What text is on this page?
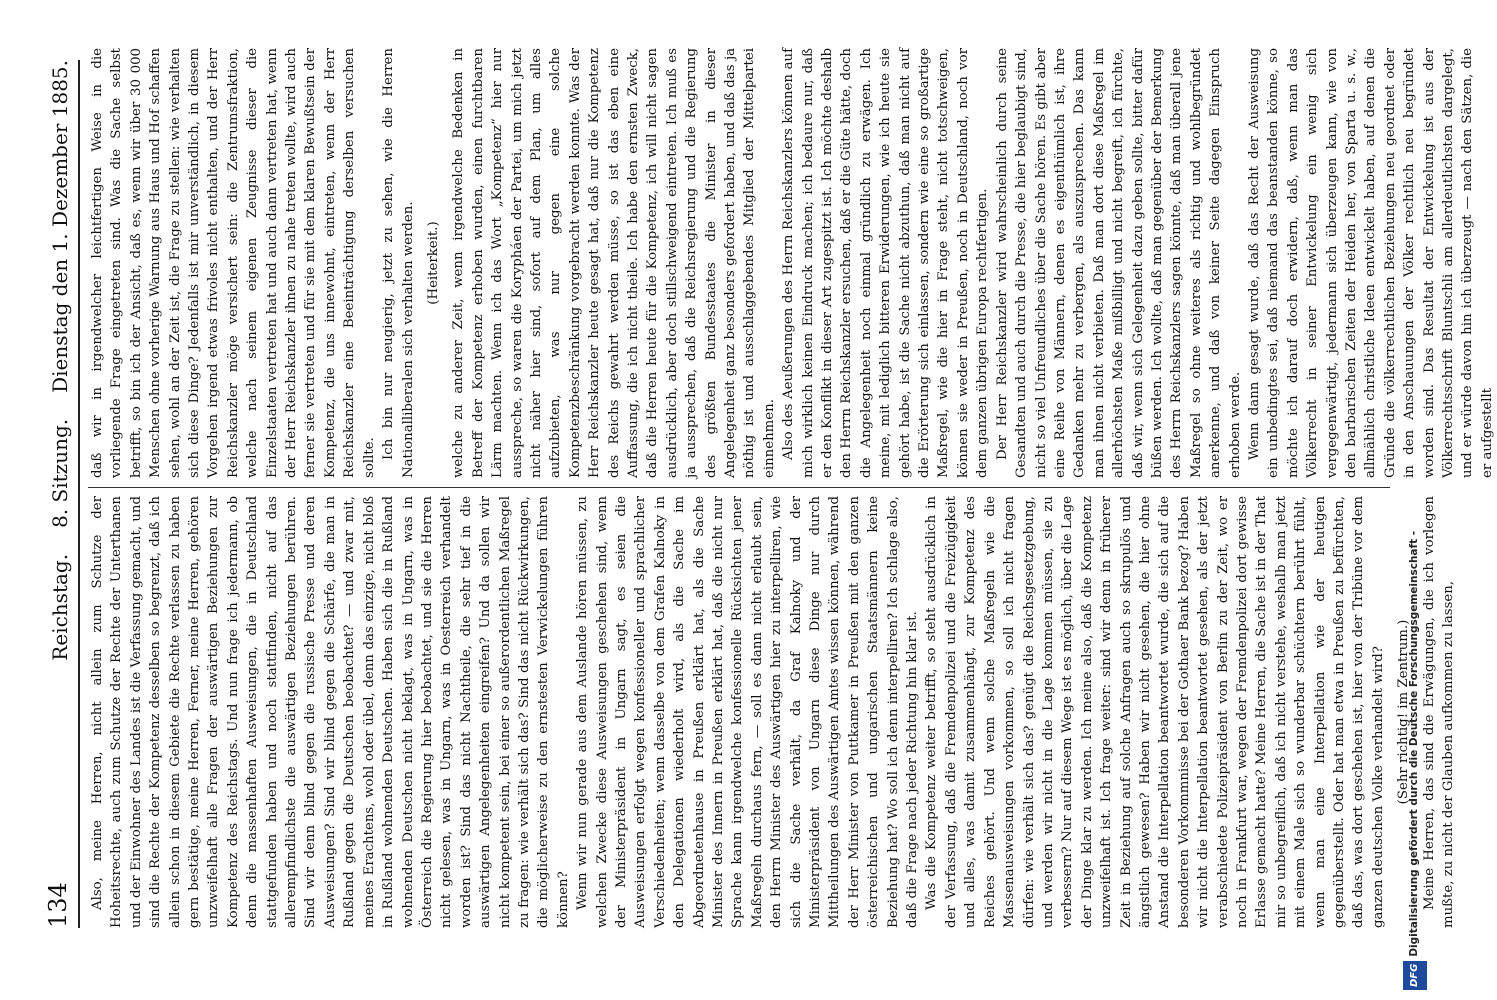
134
Reichstag.
8. Sitzung.
Dienstag den 1. Dezember 1885.

Also, meine Herren, nicht allein zum Schutze der Hoheitsrechte, auch zum Schutze der Rechte der Unterthanen und der Einwohner des Landes ist die Verfassung gemacht, und sind die Rechte der Kompetenz desselben so begrenzt, daß ich allein schon in diesem Gebiete die Rechte verlassen zu haben gern bestätige, meine Herren, Ferner, meine Herren, gehören unzweifelhaft alle Fragen der auswärtigen Beziehungen zur Kompetenz des Reichstags. Und nun frage ich jedermann, ob denn die massenhaften Ausweisungen, die in Deutschland stattgefunden haben und noch stattfinden, nicht auf das allerempfindlichste die auswärtigen Beziehungen berühren. Sind wir denn blind gegen die russische Presse und deren Ausweisungen? Sind wir blind gegen die Schärfe, die man in Rußland gegen die Deutschen beobachtet? — und zwar mit, meines Erachtens, wohl oder übel, denn das einzige, nicht bloß in Rußland wohnenden Deutschen. Haben sich die in Rußland wohnenden Deutschen nicht beklagt, was in Ungarn, was in Österreich die Regierung hier beobachtet, und sie die Herren nicht gelesen, was in Ungarn, was in Oesterreich verhandelt worden ist? Sind das nicht Nachtheile, die sehr tief in die auswärtigen Angelegenheiten eingreifen? Und da sollen wir nicht kompetent sein, bei einer so außerordentlichen Maßregel zu fragen: wie verhält sich das? Sind das nicht Rückwirkungen, die möglicherweise zu den ernstesten Verwickelungen führen können? Wenn wir nun gerade aus dem Auslande hören müssen, zu welchen Zwecke diese Ausweisungen geschehen sind, wenn der Ministerpräsident in Ungarn sagt, es seien die Ausweisungen erfolgt wegen konfessioneller und sprachlicher Verschiedenheiten; wenn dasselbe von dem Grafen Kalnoky in den Delegationen wiederholt wird, als die Sache im Abgeordnetenhause in Preußen erklärt hat, als die Sache Minister des Innern in Preußen erklärt hat, daß die nicht nur Sprache kann irgendwelche konfessionelle Rücksichten jener Maßregeln durchaus fern, — soll es dann nicht erlaubt sein, den Herrn Minister des Auswärtigen hier zu interpelliren, wie sich die Sache verhält, da Graf Kalnoky und der Ministerpräsident von Ungarn diese Dinge nur durch Mittheilungen des Auswärtigen Amtes wissen können, während der Herr Minister von Puttkamer in Preußen mit den ganzen österreichischen und ungarischen Staatsmännern keine Beziehung hat? Wo soll ich denn interpelliren? Ich schlage also, daß die Frage nach jeder Richtung hin klar ist. Was die Kompetenz weiter betrifft, so steht ausdrücklich in der Verfassung, daß die Fremdenpolizei und die Freizügigkeit und alles, was damit zusammenhängt, zur Kompetenz des Reiches gehört. Und wenn solche Maßregeln wie die Massenausweisungen vorkommen, so soll ich nicht fragen dürfen: wie verhält sich das? genügt die Reichsgesetzgebung, und werden wir nicht in die Lage kommen müssen, sie zu verbessern? Nur auf diesem Wege ist es möglich, über die Lage der Dinge klar zu werden. Ich meine also, daß die Kompetenz unzweifelhaft ist. Ich frage weiter: sind wir denn in früherer Zeit in Beziehung auf solche Anfragen auch so skrupulös und ängstlich gewesen? Haben wir nicht gesehen, die hier ohne Anstand die Interpellation beantwortet wurde, die sich auf die besonderen Vorkommnisse bei der Gothaer Bank bezog? Haben wir nicht die Interpellation beantwortet gesehen, als der jetzt verabschiedete Polizeipräsident von Berlin zu der Zeit, wo er noch in Frankfurt war, wegen der Fremdenpolizei dort gewisse Erlasse gemacht hatte? Meine Herren, die Sache ist in der That mir so unbegreiflich, daß ich nicht verstehe, weshalb man jetzt mit einem Male sich so wunderbar schüchtern berührt fühlt, wenn man eine Interpellation wie der heutigen gegenüberstellt. Oder hat man etwa in Preußen zu befürchten, daß das, was dort geschehen ist, hier von der Tribüne vor dem ganzen deutschen Volke verhandelt wird? (Sehr richtig! im Zentrum.) Meine Herren, das sind die Erwägungen, die ich vorlegen mußte, zu nicht der Glauben aufkommen zu lassen,

daß wir in irgendwelcher leichtfertigen Weise in die vorliegende Frage eingetreten sind. Was die Sache selbst betrifft, so bin ich der Ansicht, daß es, wenn wir über 30 000 Menschen ohne vorherige Warnung aus Haus und Hof schaffen sehen, wohl an der Zeit ist, die Frage zu stellen: wie verhalten sich diese Dinge? Jedenfalls ist mir unverständlich, in diesem Vorgehen irgend etwas frivoles nicht enthalten, und der Herr Reichskanzler möge versichert sein: die Zentrumsfraktion, welche nach seinem eigenen Zeugnisse dieser die Einzelstaaten vertreten hat und auch dann vertreten hat, wenn der Herr Reichskanzler ihnen zu nahe treten wollte, wird auch ferner sie vertreten und für sie mit dem klaren Bewußtsein der Kompetenz, die uns innewohnt, eintreten, wenn der Herr Reichskanzler eine Beeinträchtigung derselben versuchen sollte. Ich bin nur neugierig, jetzt zu sehen, wie die Herren Nationalliberalen sich verhalten werden. (Heiterkeit.) welche zu anderer Zeit, wenn irgendwelche Bedenken in Betreff der Kompetenz erhoben wurden, einen furchtbaren Lärm machten. Wenn ich das Wort „Kompetenz“ hier nur ausspreche, so waren die Korypháen der Partei, um mich jetzt nicht näher hier sind, sofort auf dem Plan, um alles aufzubieten, was nur gegen eine solche Kompetenzbeschränkung vorgebracht werden konnte. Was der Herr Reichskanzler heute gesagt hat, daß nur die Kompetenz des Reichs gewahrt werden müsse, so ist das eben eine Auffassung, die ich nicht theile. Ich habe den ernsten Zweck, daß die Herren heute für die Kompetenz, ich will nicht sagen ausdrücklich, aber doch stillschweigend eintreten. Ich muß es ja aussprechen, daß die Reichsregierung und die Regierung des größten Bundesstaates die Minister in dieser Angelegenheit ganz besonders gefordert haben, und daß das ja nöthig ist und ausschlaggebendes Mitglied der Mittelpartei einnehmen. Also des Aeußerungen des Herrn Reichskanzlers können auf mich wirklich keinen Eindruck machen; ich bedaure nur, daß er den Konflikt in dieser Art zugespitzt ist. Ich möchte deshalb den Herrn Reichskanzler ersuchen, daß er die Güte hätte, doch die Angelegenheit noch einmal gründlich zu erwägen. Ich meine, mit lediglich bitteren Erwiderungen, wie ich heute sie gehört habe, ist die Sache nicht abzuthun, daß man nicht auf die Erörterung sich einlassen, sondern wie eine so großartige Maßregel, wie die hier in Frage steht, nicht totschweigen, können sie weder in Preußen, noch in Deutschland, noch vor dem ganzen übrigen Europa rechtfertigen. Der Herr Reichskanzler wird wahrscheinlich durch seine Gesandten und auch durch die Presse, die hier beglaubigt sind, nicht so viel Unfreundliches über die Sache hören. Es gibt aber eine Reihe von Männern, denen es eigenthümlich ist, ihre Gedanken mehr zu verbergen, als auszusprechen. Das kann man ihnen nicht verbieten. Daß man dort diese Maßregel im allerhöchsten Maße mißbilligt und nicht begreift, ich fürchte, daß wir, wenn sich Gelegenheit dazu geben sollte, bitter dafür büßen werden. Ich wollte, daß man gegenüber der Bemerkung des Herrn Reichskanzlers sagen könnte, daß man überall jene Maßregel so ohne weiteres als richtig und wohlbegründet anerkenne, und daß von keiner Seite dagegen Einspruch erhoben werde. Wenn dann gesagt wurde, daß das Recht der Ausweisung ein unbedingtes sei, daß niemand das beanstanden könne, so möchte ich darauf doch erwidern, daß, wenn man das Völkerrecht in seiner Entwickelung ein wenig sich vergegenwärtigt, jedermann sich überzeugen kann, wie von den barbarischen Zeiten der Heiden her, von Sparta u. s. w., allmählich christliche Ideen entwickelt haben, auf denen die Gründe die völkerrechtlichen Beziehungen neu geordnet oder in den Anschauungen der Völker rechtlich neu begründet worden sind. Das Resultat der Entwickelung ist aus der Völkerrechtsschrift Bluntschli am allerdeutlichsten dargelegt, und er würde davon hin ich überzeugt — nach den Sätzen, die er aufgestellt

DFGDigitalisierung gefördert durch die Deutsche Forschungsgemeinschaft -
